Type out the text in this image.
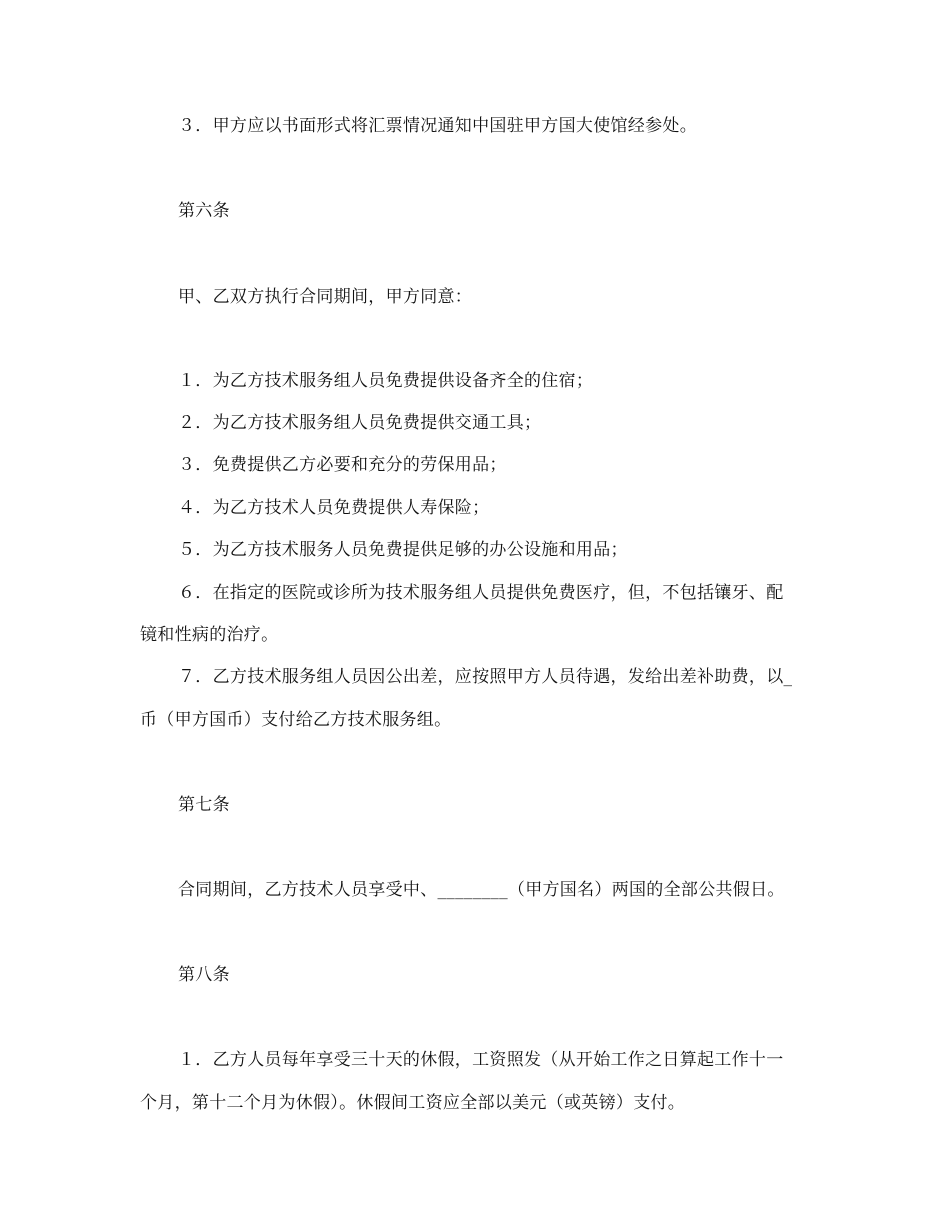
３．甲方应以书面形式将汇票情况通知中国驻甲方国大使馆经参处。
第六条
甲、乙双方执行合同期间，甲方同意：
１．为乙方技术服务组人员免费提供设备齐全的住宿；
２．为乙方技术服务组人员免费提供交通工具；
３．免费提供乙方必要和充分的劳保用品；
４．为乙方技术人员免费提供人寿保险；
５．为乙方技术服务人员免费提供足够的办公设施和用品；
６．在指定的医院或诊所为技术服务组人员提供免费医疗，但，不包括镶牙、配
镜和性病的治疗。
７．乙方技术服务组人员因公出差，应按照甲方人员待遇，发给出差补助费，以_
币（甲方国币）支付给乙方技术服务组。
第七条
合同期间，乙方技术人员享受中、________（甲方国名）两国的全部公共假日。
第八条
１．乙方人员每年享受三十天的休假，工资照发（从开始工作之日算起工作十一
个月，第十二个月为休假）。休假间工资应全部以美元（或英镑）支付。
